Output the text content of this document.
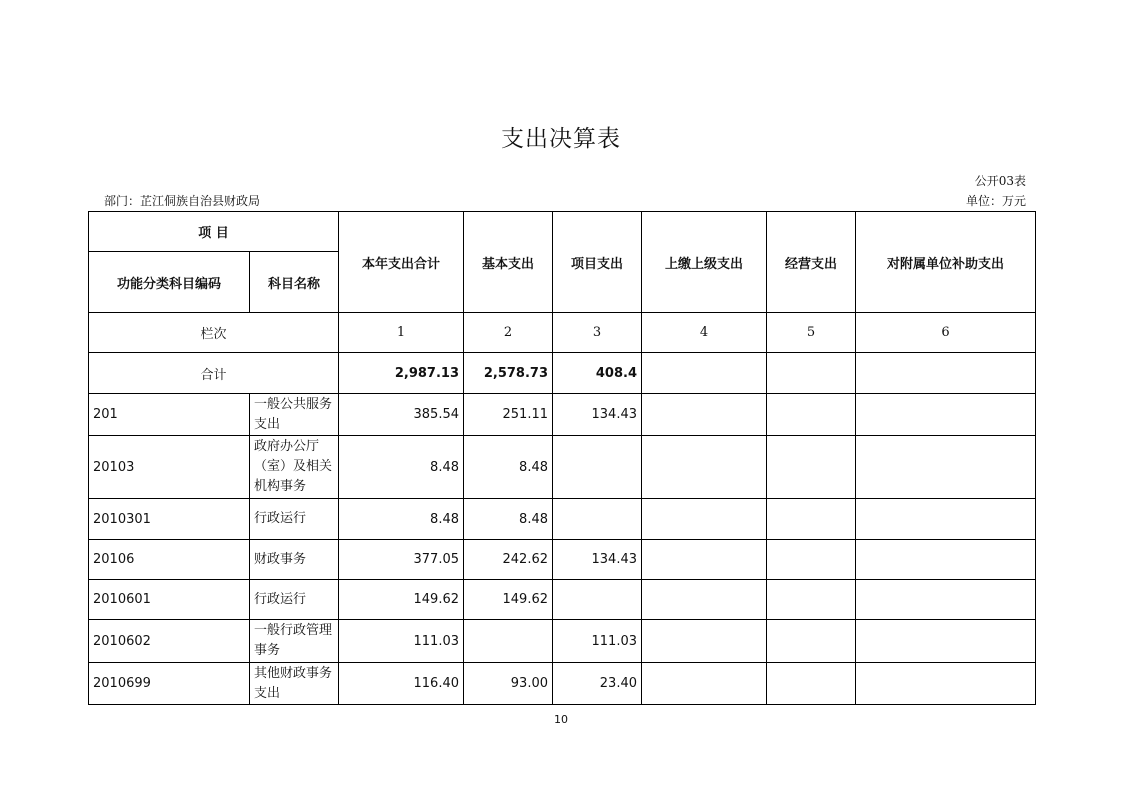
支出决算表
公开03表
部门：芷江侗族自治县财政局	单位：万元
项 目		本年支出合计	基本支出	项目支出	上缴上级支出	经营支出	对附属单位补助支出
功能分类科目编码	科目名称						
栏次		1	2	3	4	5	6
合计		2,987.13	2,578.73	408.4			
201	一般公共服务支出	385.54	251.11	134.43			
20103	政府办公厅（室）及相关机构事务	8.48	8.48				
2010301	行政运行	8.48	8.48				
20106	财政事务	377.05	242.62	134.43			
2010601	行政运行	149.62	149.62				
2010602	一般行政管理事务	111.03		111.03			
2010699	其他财政事务支出	116.40	93.00	23.40			
10
